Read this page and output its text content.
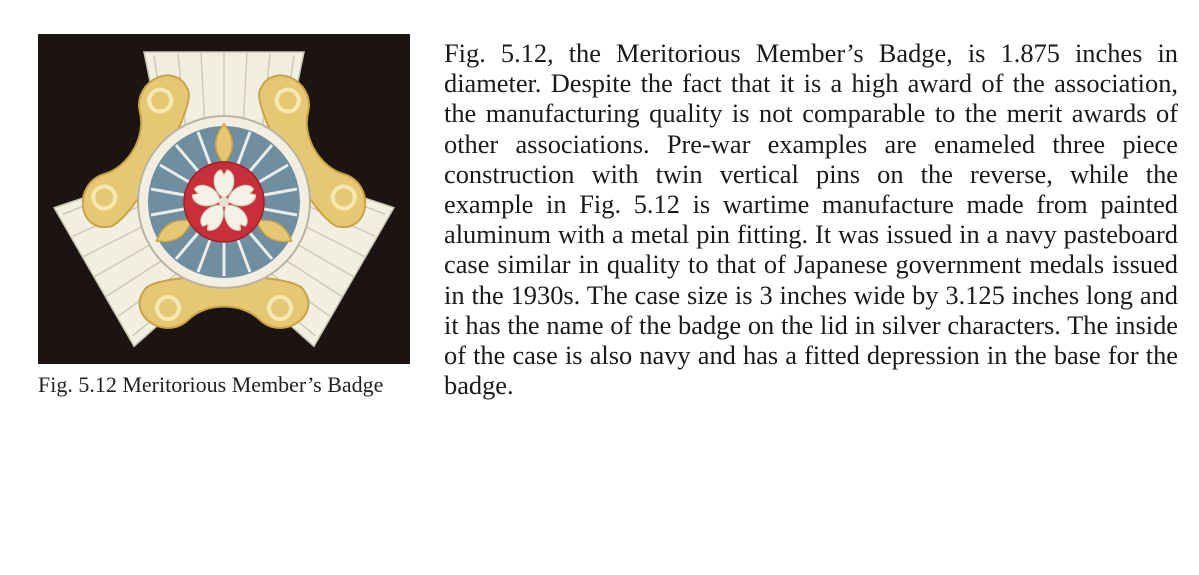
Fig. 5.12 Meritorious Member’s Badge
Fig. 5.12, the Meritorious Member’s Badge, is 1.875 inches in diameter. Despite the fact that it is a high award of the association, the manufacturing quality is not comparable to the merit awards of other associations. Pre-war examples are enameled three piece construction with twin vertical pins on the reverse, while the example in Fig. 5.12 is wartime manufacture made from painted aluminum with a metal pin fitting. It was issued in a navy pasteboard case similar in quality to that of Japanese government medals issued in the 1930s. The case size is 3 inches wide by 3.125 inches long and it has the name of the badge on the lid in silver characters. The inside of the case is also navy and has a fitted depression in the base for the badge.
